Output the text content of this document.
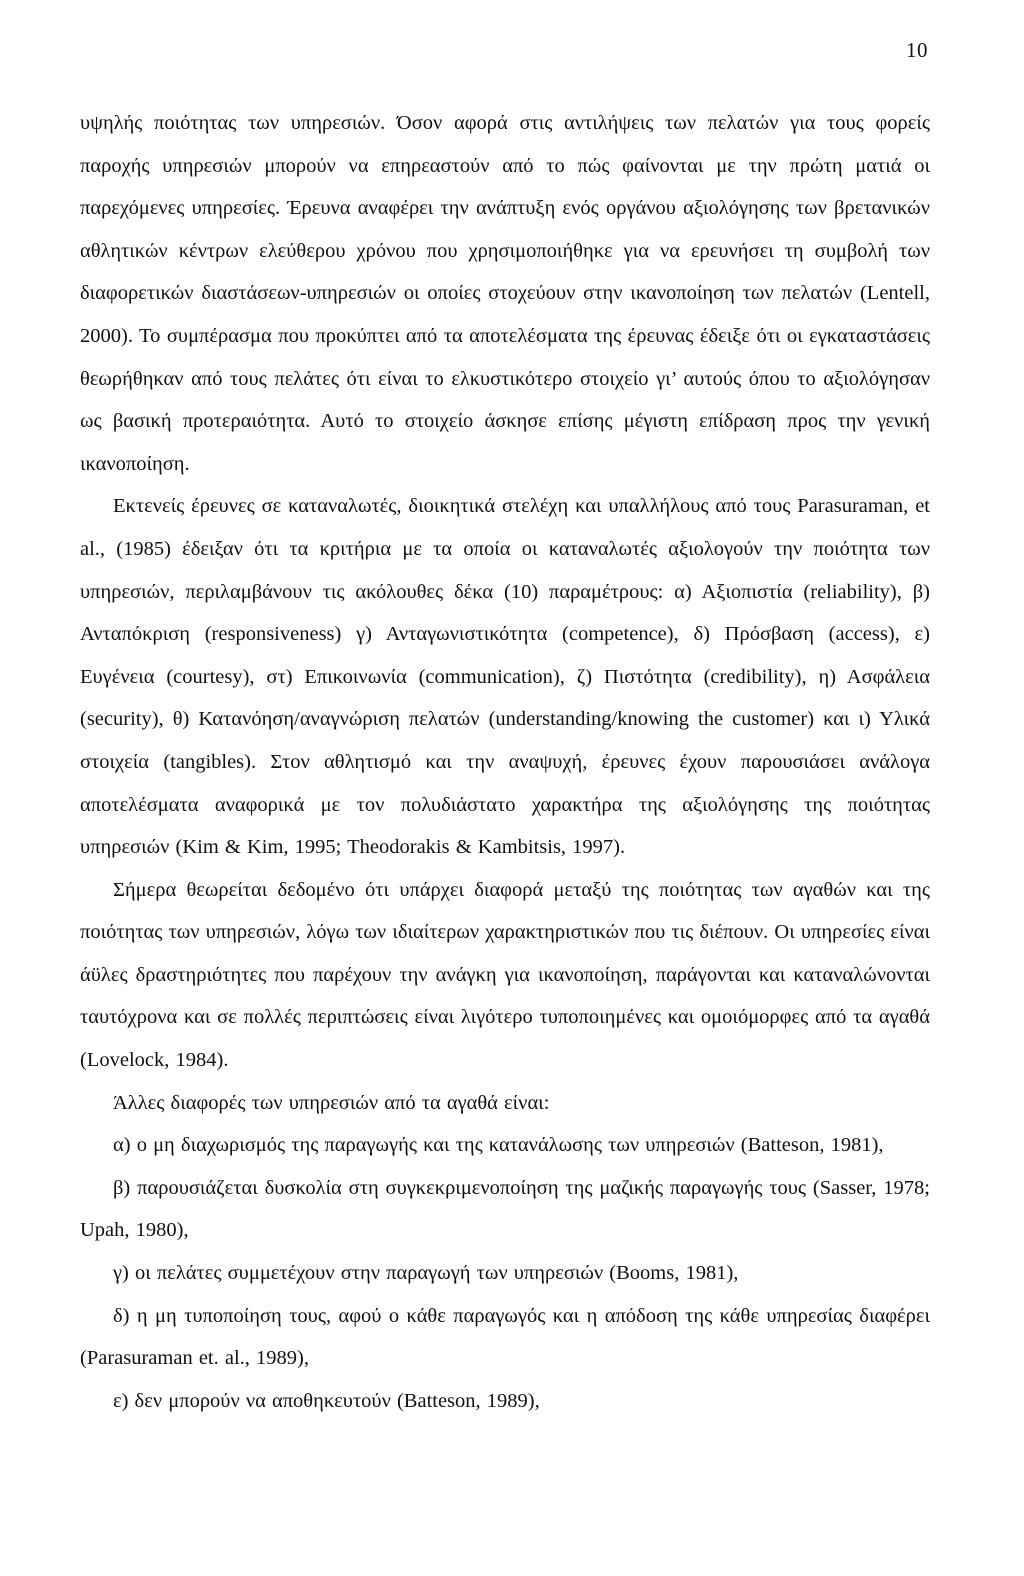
10

υψηλής ποιότητας των υπηρεσιών. Όσον αφορά στις αντιλήψεις των πελατών για τους φορείς παροχής υπηρεσιών μπορούν να επηρεαστούν από το πώς φαίνονται με την πρώτη ματιά οι παρεχόμενες υπηρεσίες. Έρευνα αναφέρει την ανάπτυξη ενός οργάνου αξιολόγησης των βρετανικών αθλητικών κέντρων ελεύθερου χρόνου που χρησιμοποιήθηκε για να ερευνήσει τη συμβολή των διαφορετικών διαστάσεων-υπηρεσιών οι οποίες στοχεύουν στην ικανοποίηση των πελατών (Lentell, 2000). Το συμπέρασμα που προκύπτει από τα αποτελέσματα της έρευνας έδειξε ότι οι εγκαταστάσεις θεωρήθηκαν από τους πελάτες ότι είναι το ελκυστικότερο στοιχείο γι’ αυτούς όπου το αξιολόγησαν ως βασική προτεραιότητα. Αυτό το στοιχείο άσκησε επίσης μέγιστη επίδραση προς την γενική ικανοποίηση.

Εκτενείς έρευνες σε καταναλωτές, διοικητικά στελέχη και υπαλλήλους από τους Parasuraman, et al., (1985) έδειξαν ότι τα κριτήρια με τα οποία οι καταναλωτές αξιολογούν την ποιότητα των υπηρεσιών, περιλαμβάνουν τις ακόλουθες δέκα (10) παραμέτρους: α) Αξιοπιστία (reliability), β) Ανταπόκριση (responsiveness) γ) Ανταγωνιστικότητα (competence), δ) Πρόσβαση (access), ε) Ευγένεια (courtesy), στ) Επικοινωνία (communication), ζ) Πιστότητα (credibility), η) Ασφάλεια (security), θ) Κατανόηση/αναγνώριση πελατών (understanding/knowing the customer) και ι) Υλικά στοιχεία (tangibles). Στον αθλητισμό και την αναψυχή, έρευνες έχουν παρουσιάσει ανάλογα αποτελέσματα αναφορικά με τον πολυδιάστατο χαρακτήρα της αξιολόγησης της ποιότητας υπηρεσιών (Kim & Kim, 1995; Theodorakis & Kambitsis, 1997).

Σήμερα θεωρείται δεδομένο ότι υπάρχει διαφορά μεταξύ της ποιότητας των αγαθών και της ποιότητας των υπηρεσιών, λόγω των ιδιαίτερων χαρακτηριστικών που τις διέπουν. Οι υπηρεσίες είναι άϋλες δραστηριότητες που παρέχουν την ανάγκη για ικανοποίηση, παράγονται και καταναλώνονται ταυτόχρονα και σε πολλές περιπτώσεις είναι λιγότερο τυποποιημένες και ομοιόμορφες από τα αγαθά (Lovelock, 1984).

Άλλες διαφορές των υπηρεσιών από τα αγαθά είναι:

α) ο μη διαχωρισμός της παραγωγής και της κατανάλωσης των υπηρεσιών (Batteson, 1981),

β) παρουσιάζεται δυσκολία στη συγκεκριμενοποίηση της μαζικής παραγωγής τους (Sasser, 1978; Upah, 1980),

γ) οι πελάτες συμμετέχουν στην παραγωγή των υπηρεσιών (Booms, 1981),

δ) η μη τυποποίηση τους, αφού ο κάθε παραγωγός και η απόδοση της κάθε υπηρεσίας διαφέρει (Parasuraman et. al., 1989),

ε) δεν μπορούν να αποθηκευτούν (Batteson, 1989),
